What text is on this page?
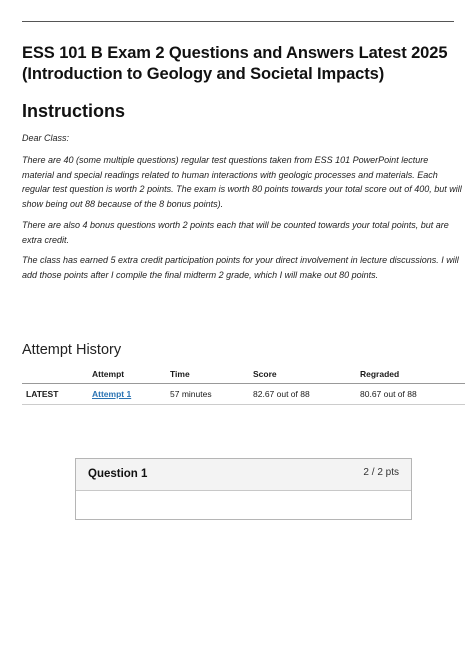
ESS 101 B Exam 2 Questions and Answers Latest 2025
(Introduction to Geology and Societal Impacts)
Instructions
Dear Class:
There are 40 (some multiple questions) regular test questions taken from ESS 101 PowerPoint lecture material and special readings related to human interactions with geologic processes and materials. Each regular test question is worth 2 points. The exam is worth 80 points towards your total score out of 400, but will show being out 88 because of the 8 bonus points).
There are also 4 bonus questions worth 2 points each that will be counted towards your total points, but are extra credit.
The class has earned 5 extra credit participation points for your direct involvement in lecture discussions. I will add those points after I compile the final midterm 2 grade, which I will make out 80 points.
Attempt History
	Attempt	Time	Score	Regraded
LATEST	Attempt 1	57 minutes	82.67 out of 88	80.67 out of 88
Question 1	2 / 2 pts
